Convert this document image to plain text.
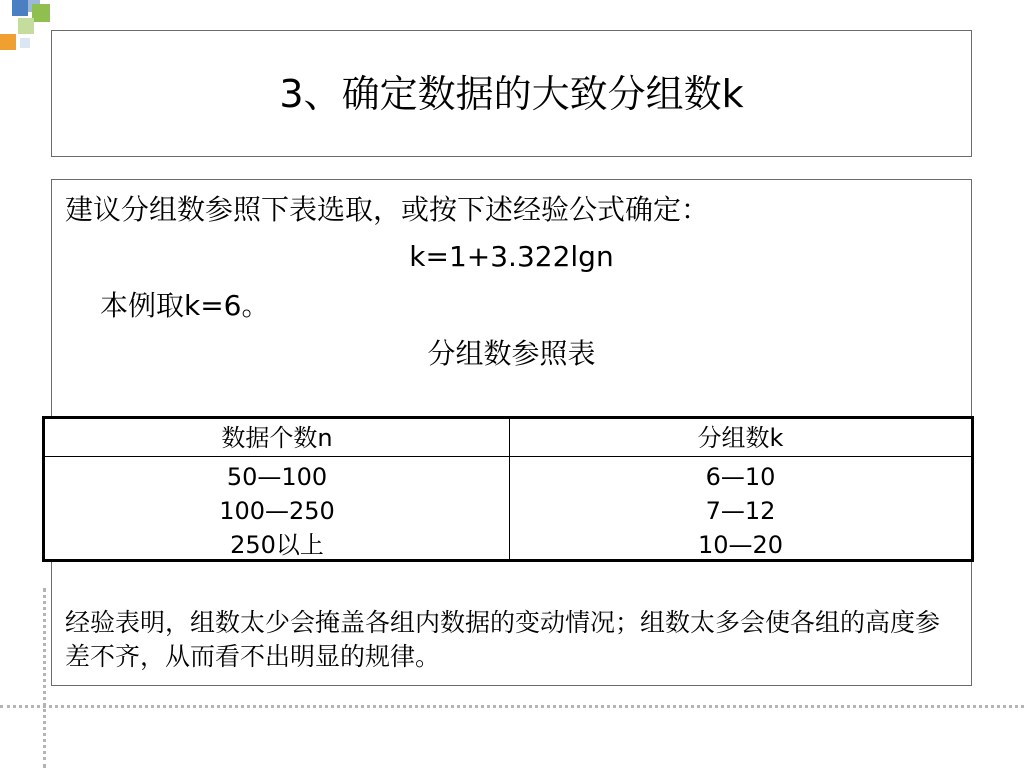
3、确定数据的大致分组数k
建议分组数参照下表选取，或按下述经验公式确定：
k=1+3.322lgn
本例取k=6。
分组数参照表
经验表明，组数太少会掩盖各组内数据的变动情况；组数太多会使各组的高度参差不齐，从而看不出明显的规律。
数据个数n	分组数k
50—100
100—250
250以上
6—10
7—12
10—20
